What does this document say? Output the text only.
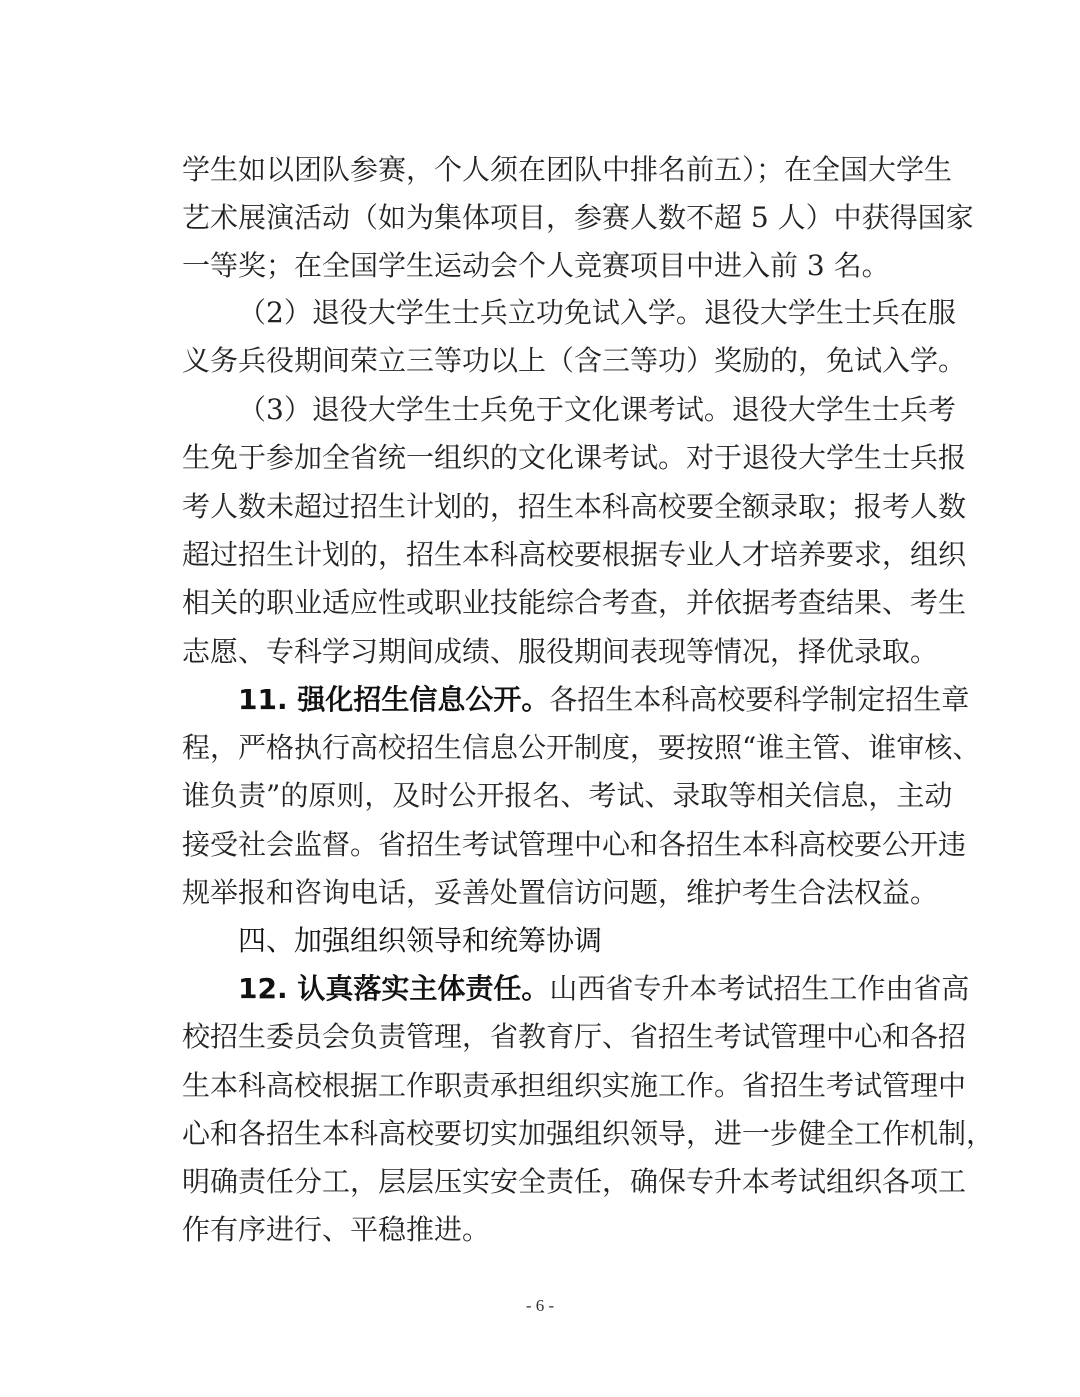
学生如以团队参赛，个人须在团队中排名前五）；在全国大学生
艺术展演活动（如为集体项目，参赛人数不超 5 人）中获得国家
一等奖；在全国学生运动会个人竞赛项目中进入前 3 名。
（2）退役大学生士兵立功免试入学。退役大学生士兵在服
义务兵役期间荣立三等功以上（含三等功）奖励的，免试入学。
（3）退役大学生士兵免于文化课考试。退役大学生士兵考
生免于参加全省统一组织的文化课考试。对于退役大学生士兵报
考人数未超过招生计划的，招生本科高校要全额录取；报考人数
超过招生计划的，招生本科高校要根据专业人才培养要求，组织
相关的职业适应性或职业技能综合考查，并依据考查结果、考生
志愿、专科学习期间成绩、服役期间表现等情况，择优录取。
11. 强化招生信息公开。各招生本科高校要科学制定招生章
程，严格执行高校招生信息公开制度，要按照“谁主管、谁审核、
谁负责”的原则，及时公开报名、考试、录取等相关信息，主动
接受社会监督。省招生考试管理中心和各招生本科高校要公开违
规举报和咨询电话，妥善处置信访问题，维护考生合法权益。
四、加强组织领导和统筹协调
12. 认真落实主体责任。山西省专升本考试招生工作由省高
校招生委员会负责管理，省教育厅、省招生考试管理中心和各招
生本科高校根据工作职责承担组织实施工作。省招生考试管理中
心和各招生本科高校要切实加强组织领导，进一步健全工作机制，
明确责任分工，层层压实安全责任，确保专升本考试组织各项工
作有序进行、平稳推进。
- 6 -
